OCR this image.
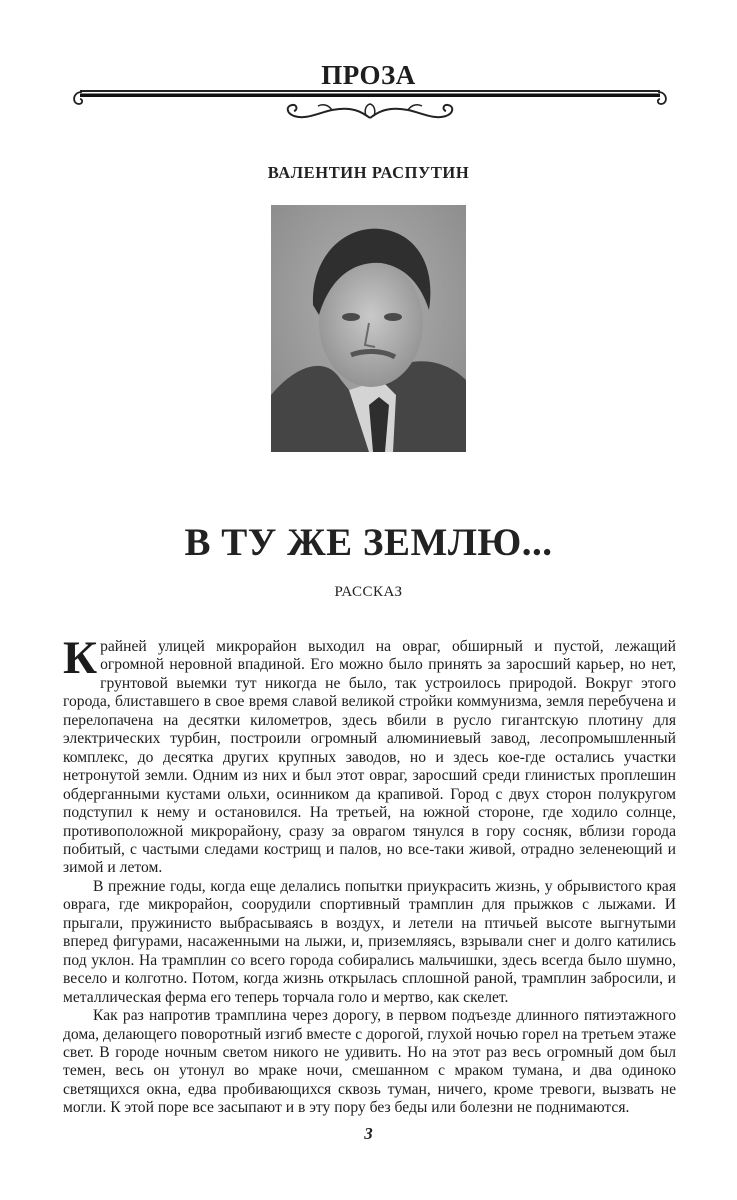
ПРОЗА
ВАЛЕНТИН РАСПУТИН
В ТУ ЖЕ ЗЕМЛЮ...
РАССКАЗ

Крайней улицей микрорайон выходил на овраг, обширный и пустой, лежащий огромной неровной впадиной. Его можно было принять за заросший карьер, но нет, грунтовой выемки тут никогда не было, так устроилось природой. Вокруг этого города, блиставшего в свое время славой великой стройки коммунизма, земля перебучена и перелопачена на десятки километров, здесь вбили в русло гигантскую плотину для электрических турбин, построили огромный алюминиевый завод, лесопромышленный комплекс, до десятка других крупных заводов, но и здесь кое-где остались участки нетронутой земли. Одним из них и был этот овраг, заросший среди глинистых проплешин обдерганными кустами ольхи, осинником да крапивой. Город с двух сторон полукругом подступил к нему и остановился. На третьей, на южной стороне, где ходило солнце, противоположной микрорайону, сразу за оврагом тянулся в гору сосняк, вблизи города побитый, с частыми следами кострищ и палов, но все-таки живой, отрадно зеленеющий и зимой и летом.

В прежние годы, когда еще делались попытки приукрасить жизнь, у обрывистого края оврага, где микрорайон, соорудили спортивный трамплин для прыжков с лыжами. И прыгали, пружинисто выбрасываясь в воздух, и летели на птичьей высоте выгнутыми вперед фигурами, насаженными на лыжи, и, приземляясь, взрывали снег и долго катились под уклон. На трамплин со всего города собирались мальчишки, здесь всегда было шумно, весело и колготно. Потом, когда жизнь открылась сплошной раной, трамплин забросили, и металлическая ферма его теперь торчала голо и мертво, как скелет.

Как раз напротив трамплина через дорогу, в первом подъезде длинного пятиэтажного дома, делающего поворотный изгиб вместе с дорогой, глухой ночью горел на третьем этаже свет. В городе ночным светом никого не удивить. Но на этот раз весь огромный дом был темен, весь он утонул во мраке ночи, смешанном с мраком тумана, и два одиноко светящихся окна, едва пробивающихся сквозь туман, ничего, кроме тревоги, вызвать не могли. К этой поре все засыпают и в эту пору без беды или болезни не поднимаются.

3
